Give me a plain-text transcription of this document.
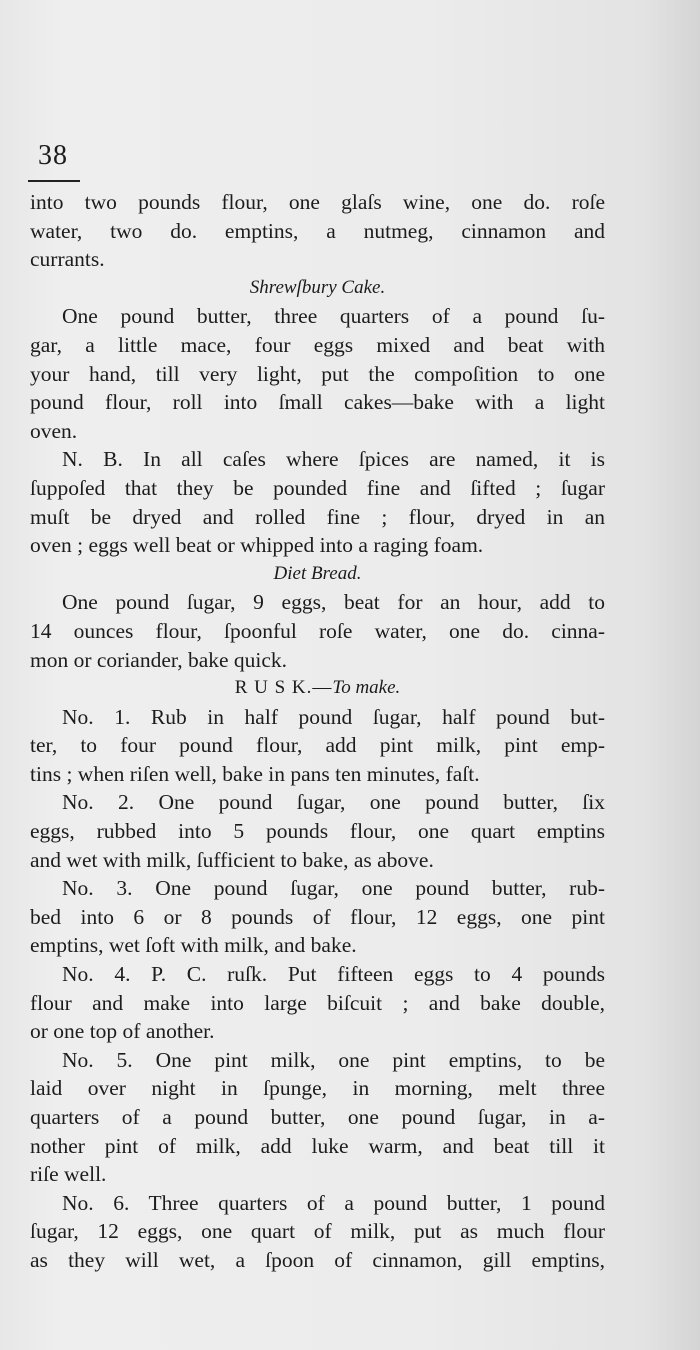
38
into two pounds flour, one glaſs wine, one do. roſe
water, two do. emptins, a nutmeg, cinnamon and
currants.
Shrewſbury Cake.
One pound butter, three quarters of a pound ſu-
gar, a little mace, four eggs mixed and beat with
your hand, till very light, put the compoſition to one
pound flour, roll into ſmall cakes—bake with a light
oven.
N. B. In all caſes where ſpices are named, it is
ſuppoſed that they be pounded fine and ſifted ; ſugar
muſt be dryed and rolled fine ; flour, dryed in an
oven ; eggs well beat or whipped into a raging foam.
Diet Bread.
One pound ſugar, 9 eggs, beat for an hour, add to
14 ounces flour, ſpoonful roſe water, one do. cinna-
mon or coriander, bake quick.
R U S K.—To make.
No. 1. Rub in half pound ſugar, half pound but-
ter, to four pound flour, add pint milk, pint emp-
tins ; when riſen well, bake in pans ten minutes, faſt.
No. 2. One pound ſugar, one pound butter, ſix
eggs, rubbed into 5 pounds flour, one quart emptins
and wet with milk, ſufficient to bake, as above.
No. 3. One pound ſugar, one pound butter, rub-
bed into 6 or 8 pounds of flour, 12 eggs, one pint
emptins, wet ſoft with milk, and bake.
No. 4. P. C. ruſk. Put fifteen eggs to 4 pounds
flour and make into large biſcuit ; and bake double,
or one top of another.
No. 5. One pint milk, one pint emptins, to be
laid over night in ſpunge, in morning, melt three
quarters of a pound butter, one pound ſugar, in a-
nother pint of milk, add luke warm, and beat till it
riſe well.
No. 6. Three quarters of a pound butter, 1 pound
ſugar, 12 eggs, one quart of milk, put as much flour
as they will wet, a ſpoon of cinnamon, gill emptins,
